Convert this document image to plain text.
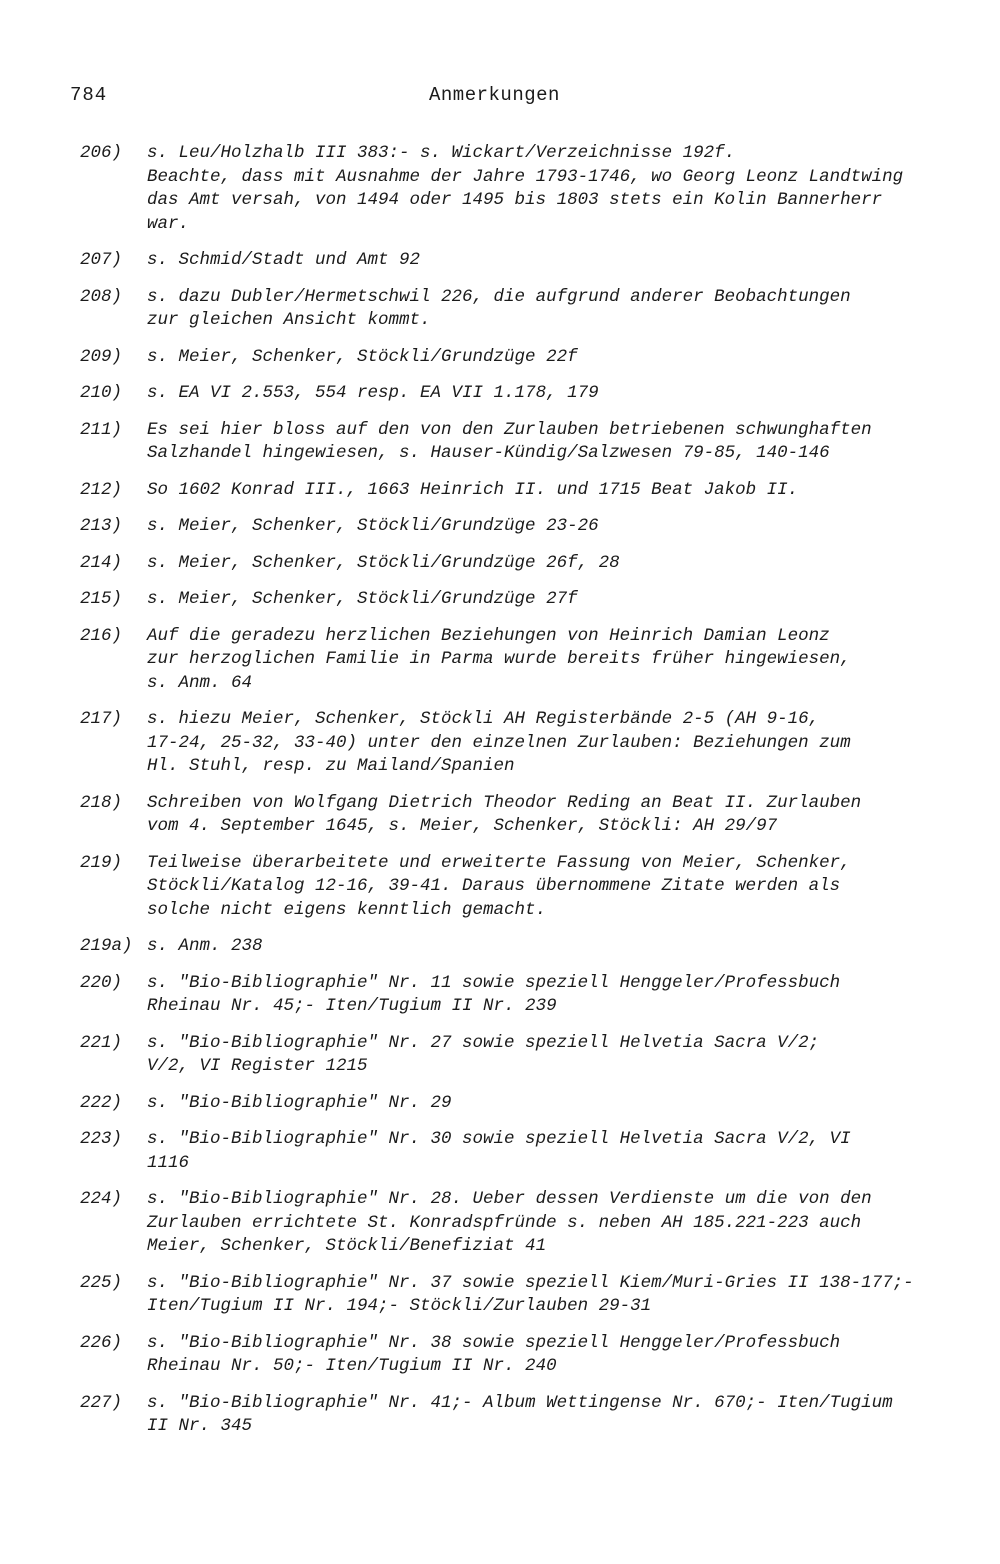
784	Anmerkungen
206)	s. Leu/Holzhalb III 383:- s. Wickart/Verzeichnisse 192f.
Beachte, dass mit Ausnahme der Jahre 1793-1746, wo Georg Leonz Landtwing
das Amt versah, von 1494 oder 1495 bis 1803 stets ein Kolin Bannerherr
war.
207)	s. Schmid/Stadt und Amt 92
208)	s. dazu Dubler/Hermetschwil 226, die aufgrund anderer Beobachtungen
zur gleichen Ansicht kommt.
209)	s. Meier, Schenker, Stöckli/Grundzüge 22f
210)	s. EA VI 2.553, 554 resp. EA VII 1.178, 179
211)	Es sei hier bloss auf den von den Zurlauben betriebenen schwunghaften
Salzhandel hingewiesen, s. Hauser-Kündig/Salzwesen 79-85, 140-146
212)	So 1602 Konrad III., 1663 Heinrich II. und 1715 Beat Jakob II.
213)	s. Meier, Schenker, Stöckli/Grundzüge 23-26
214)	s. Meier, Schenker, Stöckli/Grundzüge 26f, 28
215)	s. Meier, Schenker, Stöckli/Grundzüge 27f
216)	Auf die geradezu herzlichen Beziehungen von Heinrich Damian Leonz
zur herzoglichen Familie in Parma wurde bereits früher hingewiesen,
s. Anm. 64
217)	s. hiezu Meier, Schenker, Stöckli AH Registerbände 2-5 (AH 9-16,
17-24, 25-32, 33-40) unter den einzelnen Zurlauben: Beziehungen zum
Hl. Stuhl, resp. zu Mailand/Spanien
218)	Schreiben von Wolfgang Dietrich Theodor Reding an Beat II. Zurlauben
vom 4. September 1645, s. Meier, Schenker, Stöckli: AH 29/97
219)	Teilweise überarbeitete und erweiterte Fassung von Meier, Schenker,
Stöckli/Katalog 12-16, 39-41. Daraus übernommene Zitate werden als
solche nicht eigens kenntlich gemacht.
219a) s. Anm. 238
220)	s. "Bio-Bibliographie" Nr. 11 sowie speziell Henggeler/Professbuch
Rheinau Nr. 45;- Iten/Tugium II Nr. 239
221)	s. "Bio-Bibliographie" Nr. 27 sowie speziell Helvetia Sacra V/2;
V/2, VI Register 1215
222)	s. "Bio-Bibliographie" Nr. 29
223)	s. "Bio-Bibliographie" Nr. 30 sowie speziell Helvetia Sacra V/2, VI
1116
224)	s. "Bio-Bibliographie" Nr. 28. Ueber dessen Verdienste um die von den
Zurlauben errichtete St. Konradspfründe s. neben AH 185.221-223 auch
Meier, Schenker, Stöckli/Benefiziat 41
225)	s. "Bio-Bibliographie" Nr. 37 sowie speziell Kiem/Muri-Gries II 138-177;-
Iten/Tugium II Nr. 194;- Stöckli/Zurlauben 29-31
226)	s. "Bio-Bibliographie" Nr. 38 sowie speziell Henggeler/Professbuch
Rheinau Nr. 50;- Iten/Tugium II Nr. 240
227)	s. "Bio-Bibliographie" Nr. 41;- Album Wettingense Nr. 670;- Iten/Tugium
II Nr. 345
